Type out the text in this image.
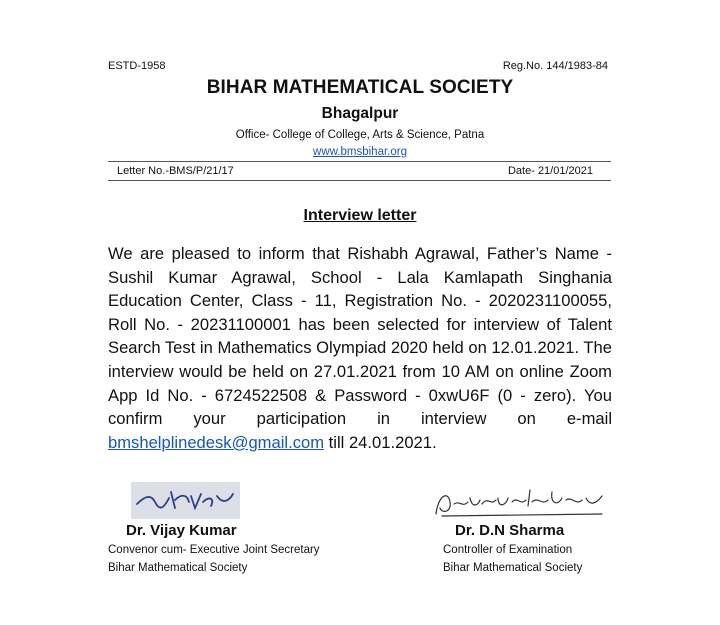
ESTD-1958	Reg.No. 144/1983-84
BIHAR MATHEMATICAL SOCIETY
Bhagalpur
Office- College of College, Arts & Science, Patna
www.bmsbihar.org
Letter No.-BMS/P/21/17	Date- 21/01/2021
Interview letter
We are pleased to inform that Rishabh Agrawal, Father’s Name - Sushil Kumar Agrawal, School - Lala Kamlapath Singhania Education Center, Class - 11, Registration No. - 2020231100055, Roll No. - 20231100001 has been selected for interview of Talent Search Test in Mathematics Olympiad 2020 held on 12.01.2021. The interview would be held on 27.01.2021 from 10 AM on online Zoom App Id No. - 6724522508 & Password - 0xwU6F (0 - zero). You confirm your participation in interview on e-mail bmshelplinedesk@gmail.com till 24.01.2021.
Dr. Vijay Kumar
Convenor cum- Executive Joint Secretary
Bihar Mathematical Society
Dr. D.N Sharma
Controller of Examination
Bihar Mathematical Society
